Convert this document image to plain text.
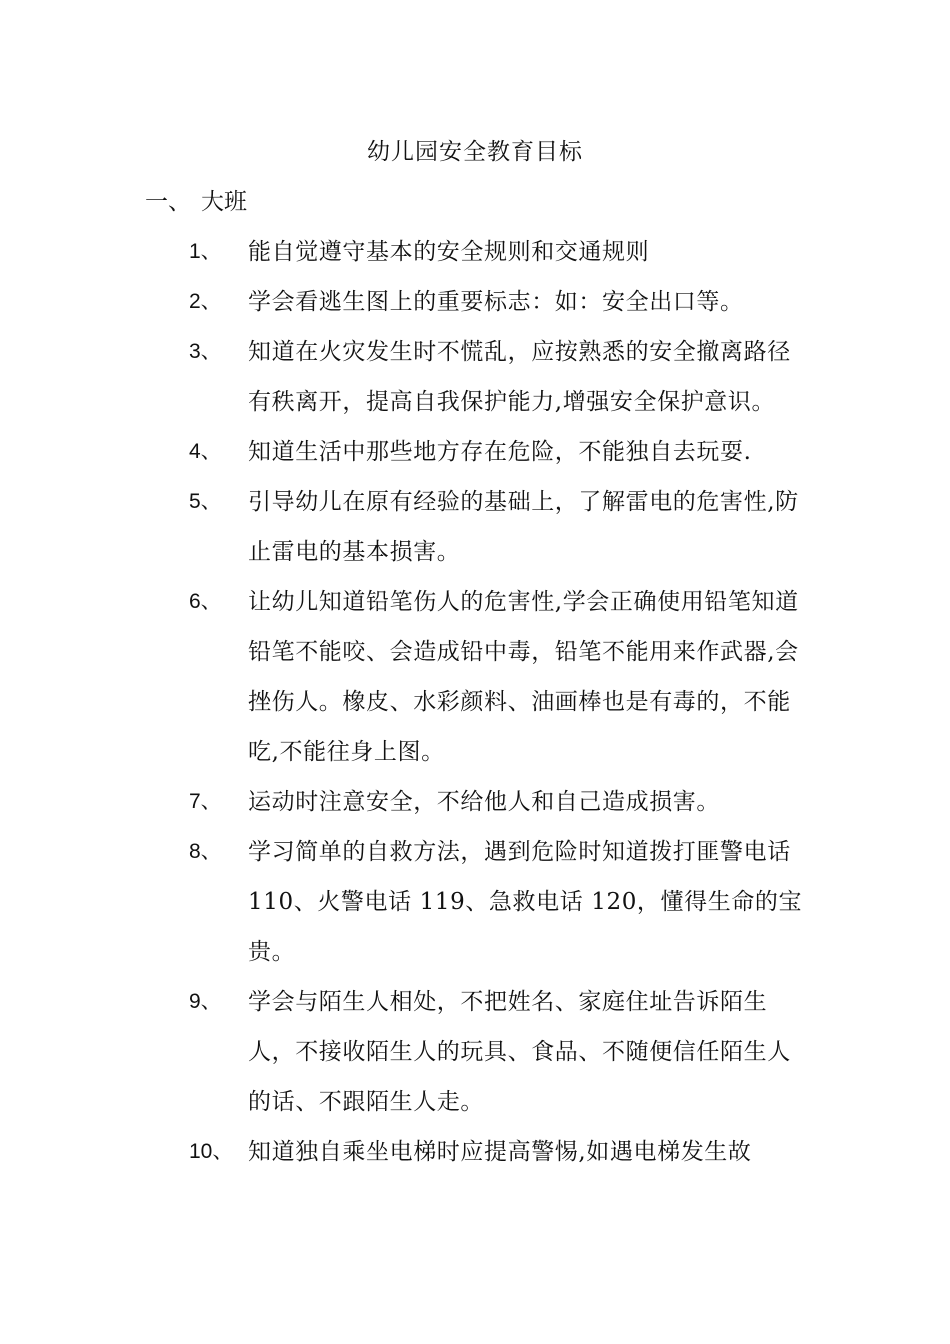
幼儿园安全教育目标
一、 大班
1、 能自觉遵守基本的安全规则和交通规则
2、 学会看逃生图上的重要标志：如：安全出口等。
3、 知道在火灾发生时不慌乱，应按熟悉的安全撤离路径有秩离开，提高自我保护能力,增强安全保护意识。
4、 知道生活中那些地方存在危险，不能独自去玩耍.
5、 引导幼儿在原有经验的基础上，了解雷电的危害性,防止雷电的基本损害。
6、 让幼儿知道铅笔伤人的危害性,学会正确使用铅笔知道铅笔不能咬、会造成铅中毒，铅笔不能用来作武器,会挫伤人。橡皮、水彩颜料、油画棒也是有毒的，不能吃,不能往身上图。
7、 运动时注意安全，不给他人和自己造成损害。
8、 学习简单的自救方法，遇到危险时知道拨打匪警电话 110、火警电话 119、急救电话 120，懂得生命的宝贵。
9、 学会与陌生人相处，不把姓名、家庭住址告诉陌生人，不接收陌生人的玩具、食品、不随便信任陌生人的话、不跟陌生人走。
10、 知道独自乘坐电梯时应提高警惕,如遇电梯发生故
